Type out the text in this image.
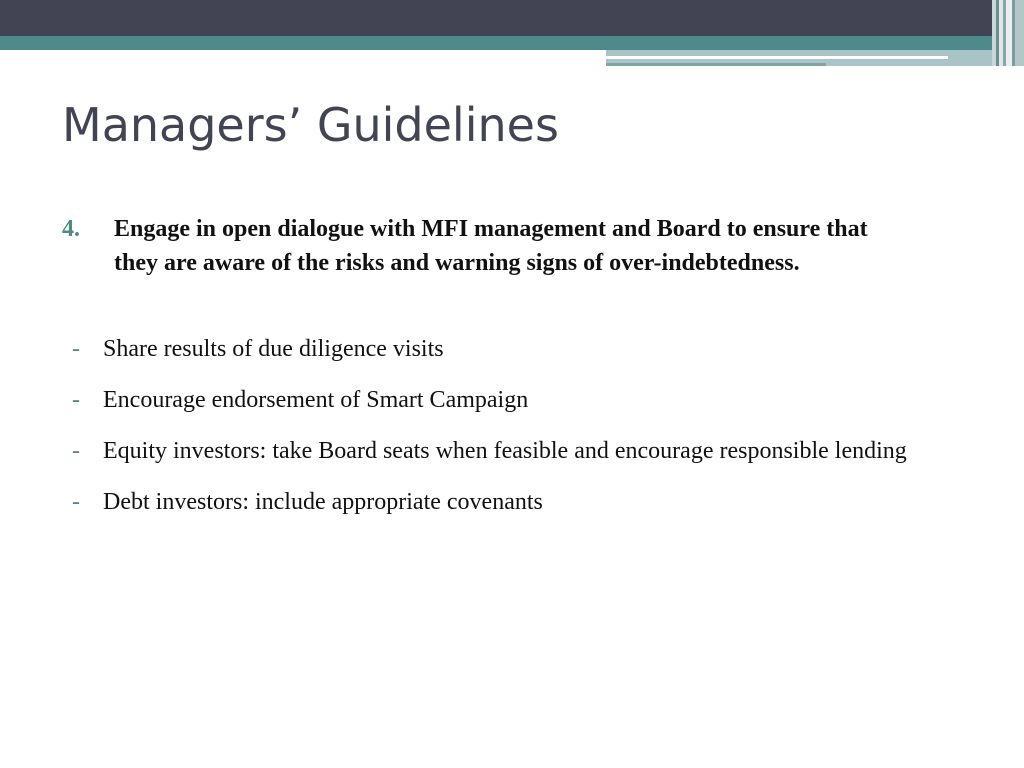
Managers’ Guidelines
4. Engage in open dialogue with MFI management and Board to ensure that they are aware of the risks and warning signs of over-indebtedness.
- Share results of due diligence visits
- Encourage endorsement of Smart Campaign
- Equity investors: take Board seats when feasible and encourage responsible lending
- Debt investors: include appropriate covenants
